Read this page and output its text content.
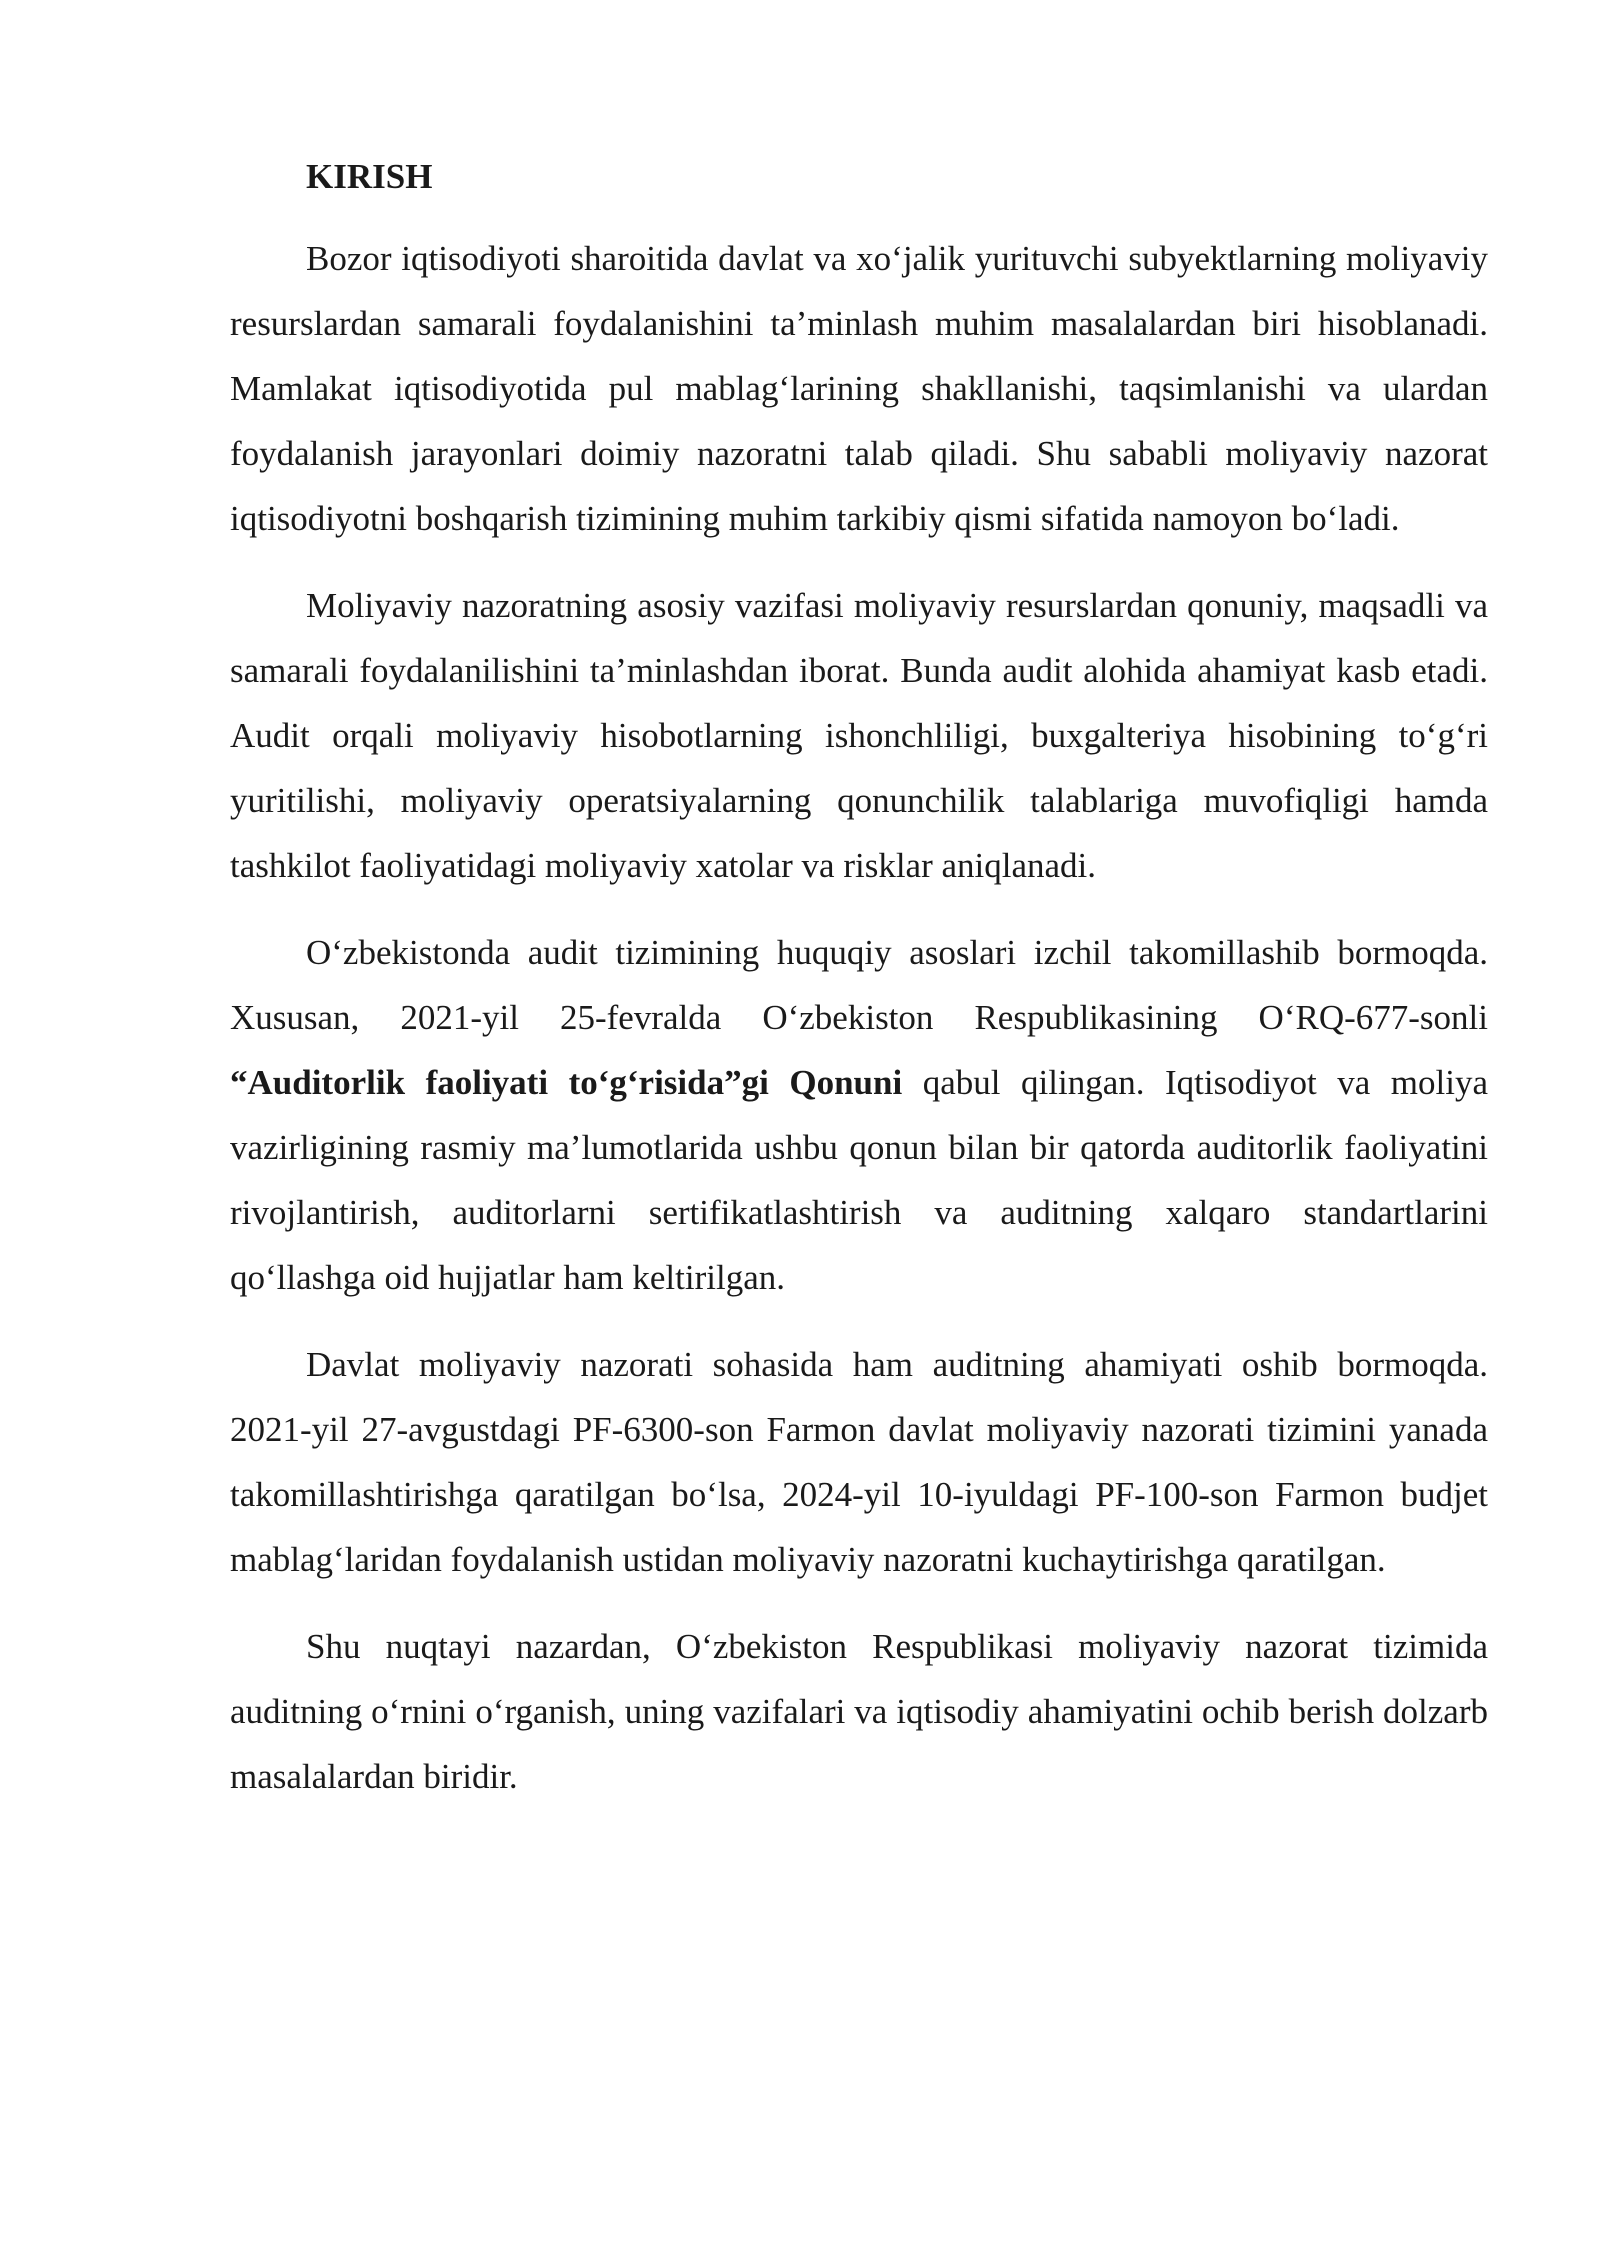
KIRISH

Bozor iqtisodiyoti sharoitida davlat va xo‘jalik yurituvchi subyektlarning moliyaviy resurslardan samarali foydalanishini ta’minlash muhim masalalardan biri hisoblanadi. Mamlakat iqtisodiyotida pul mablag‘larining shakllanishi, taqsimlanishi va ulardan foydalanish jarayonlari doimiy nazoratni talab qiladi. Shu sababli moliyaviy nazorat iqtisodiyotni boshqarish tizimining muhim tarkibiy qismi sifatida namoyon bo‘ladi.

Moliyaviy nazoratning asosiy vazifasi moliyaviy resurslardan qonuniy, maqsadli va samarali foydalanilishini ta’minlashdan iborat. Bunda audit alohida ahamiyat kasb etadi. Audit orqali moliyaviy hisobotlarning ishonchliligi, buxgalteriya hisobining to‘g‘ri yuritilishi, moliyaviy operatsiyalarning qonunchilik talablariga muvofiqligi hamda tashkilot faoliyatidagi moliyaviy xatolar va risklar aniqlanadi.

O‘zbekistonda audit tizimining huquqiy asoslari izchil takomillashib bormoqda. Xususan, 2021-yil 25-fevralda O‘zbekiston Respublikasining O‘RQ-677-sonli “Auditorlik faoliyati to‘g‘risida”gi Qonuni qabul qilingan. Iqtisodiyot va moliya vazirligining rasmiy ma’lumotlarida ushbu qonun bilan bir qatorda auditorlik faoliyatini rivojlantirish, auditorlarni sertifikatlashtirish va auditning xalqaro standartlarini qo‘llashga oid hujjatlar ham keltirilgan.

Davlat moliyaviy nazorati sohasida ham auditning ahamiyati oshib bormoqda. 2021-yil 27-avgustdagi PF-6300-son Farmon davlat moliyaviy nazorati tizimini yanada takomillashtirishga qaratilgan bo‘lsa, 2024-yil 10-iyuldagi PF-100-son Farmon budjet mablag‘laridan foydalanish ustidan moliyaviy nazoratni kuchaytirishga qaratilgan.

Shu nuqtayi nazardan, O‘zbekiston Respublikasi moliyaviy nazorat tizimida auditning o‘rnini o‘rganish, uning vazifalari va iqtisodiy ahamiyatini ochib berish dolzarb masalalardan biridir.
